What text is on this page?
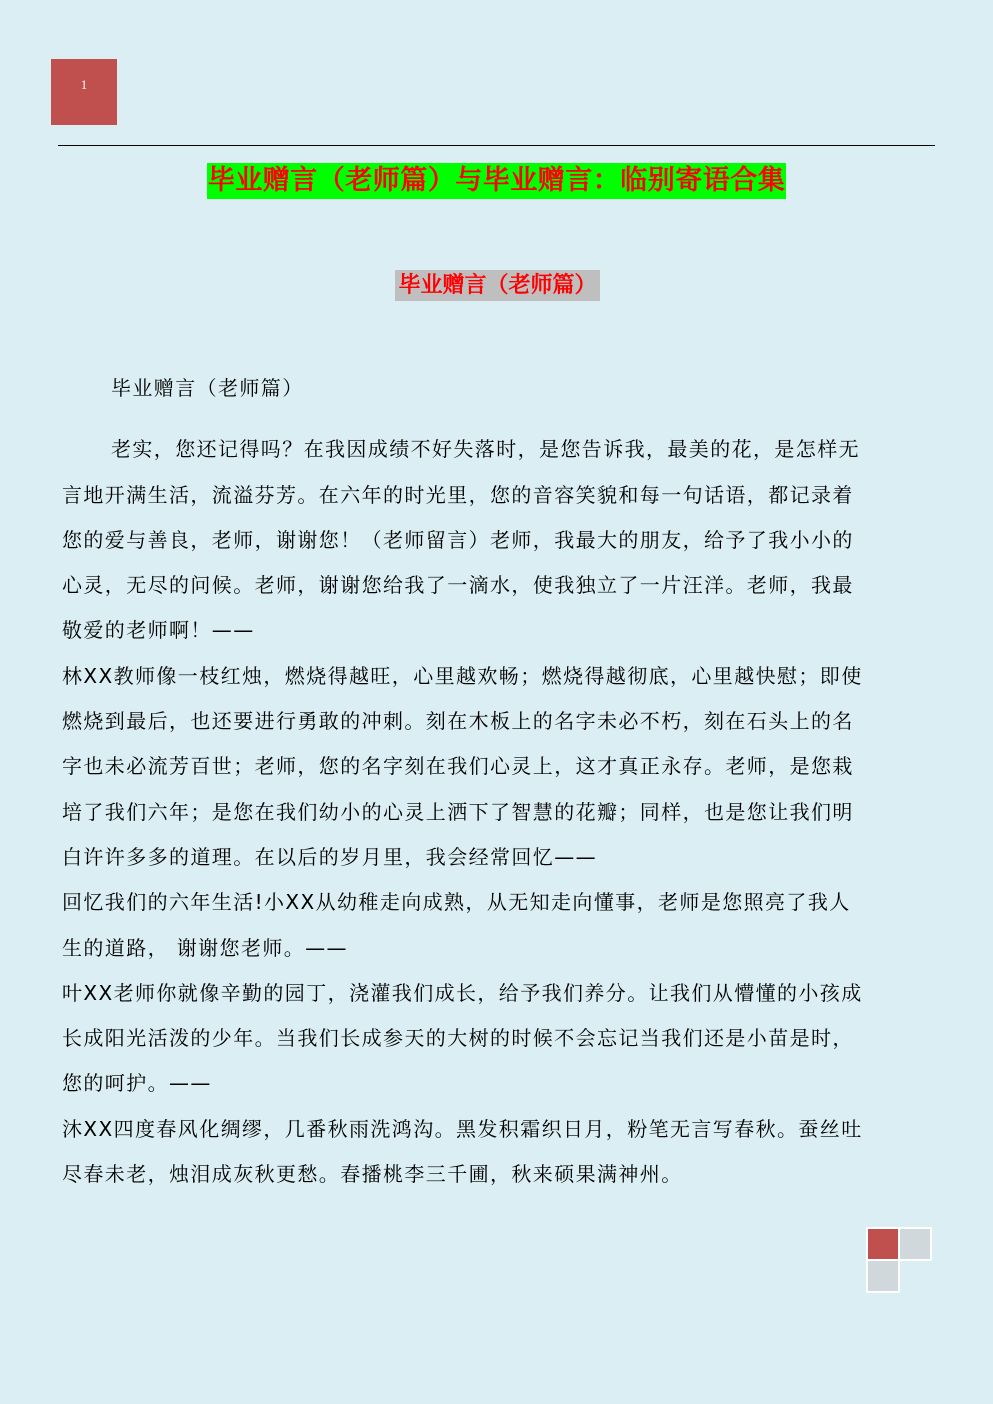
1
毕业赠言（老师篇）与毕业赠言：临别寄语合集
毕业赠言（老师篇）
毕业赠言（老师篇）
老实，您还记得吗？在我因成绩不好失落时，是您告诉我，最美的花，是怎样无
言地开满生活，流溢芬芳。在六年的时光里，您的音容笑貌和每一句话语，都记录着
您的爱与善良，老师，谢谢您！（老师留言）老师，我最大的朋友，给予了我小小的
心灵，无尽的问候。老师，谢谢您给我了一滴水，使我独立了一片汪洋。老师，我最
敬爱的老师啊！——
林XX教师像一枝红烛，燃烧得越旺，心里越欢畅；燃烧得越彻底，心里越快慰；即使
燃烧到最后，也还要进行勇敢的冲刺。刻在木板上的名字未必不朽，刻在石头上的名
字也未必流芳百世；老师，您的名字刻在我们心灵上，这才真正永存。老师，是您栽
培了我们六年；是您在我们幼小的心灵上洒下了智慧的花瓣；同样，也是您让我们明
白许许多多的道理。在以后的岁月里，我会经常回忆——
回忆我们的六年生活!小XX从幼稚走向成熟，从无知走向懂事，老师是您照亮了我人
生的道路， 谢谢您老师。——
叶XX老师你就像辛勤的园丁，浇灌我们成长，给予我们养分。让我们从懵懂的小孩成
长成阳光活泼的少年。当我们长成参天的大树的时候不会忘记当我们还是小苗是时，
您的呵护。——
沐XX四度春风化绸缪，几番秋雨洗鸿沟。黑发积霜织日月，粉笔无言写春秋。蚕丝吐
尽春未老，烛泪成灰秋更愁。春播桃李三千圃，秋来硕果满神州。
